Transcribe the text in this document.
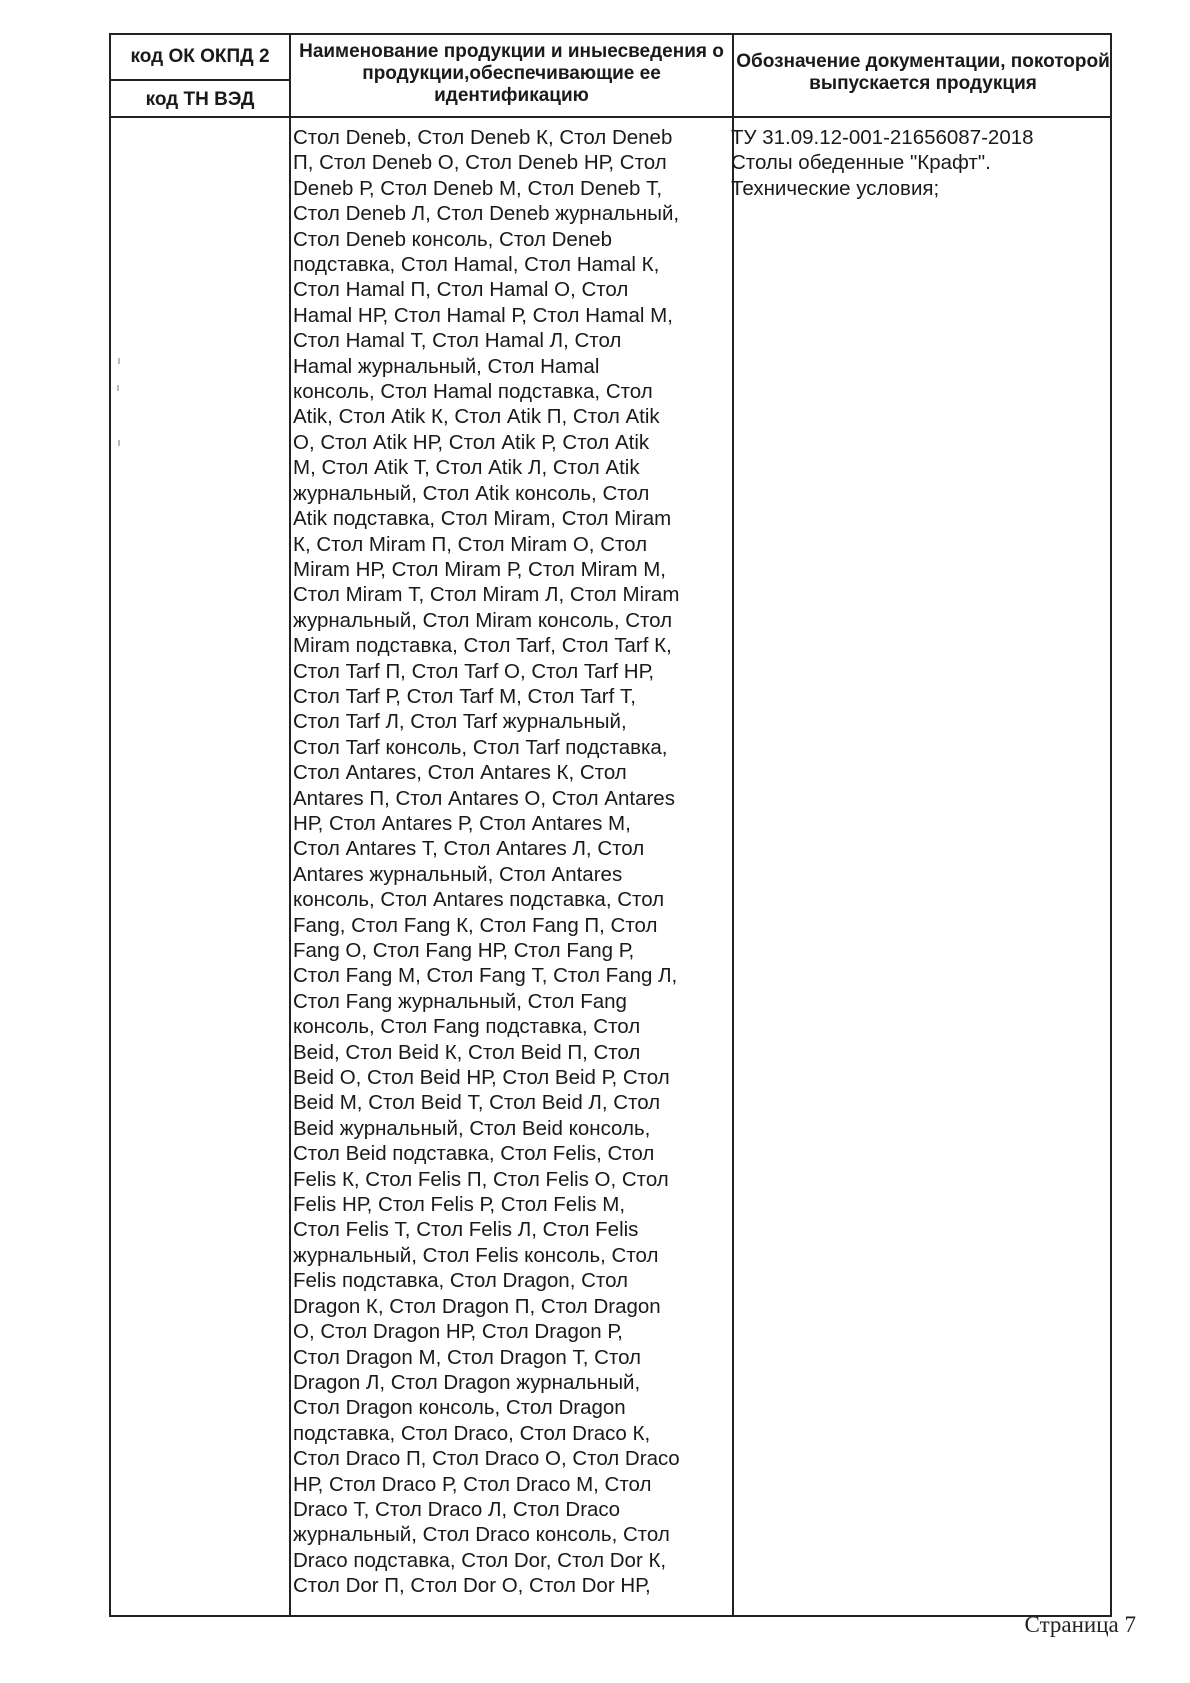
код ОК ОКПД 2
код ТН ВЭД
Наименование продукции и иныесведения о продукции,обеспечивающие ее идентификацию
Обозначение документации, покоторой выпускается продукция
Стол Deneb, Стол Deneb К, Стол Deneb
П, Стол Deneb О, Стол Deneb НР, Стол
Deneb Р, Стол Deneb М, Стол Deneb Т,
Стол Deneb Л, Стол Deneb журнальный,
Стол Deneb консоль, Стол Deneb
подставка, Стол Hamal, Стол Hamal К,
Стол Hamal П, Стол Hamal О, Стол
Hamal НР, Стол Hamal Р, Стол Hamal М,
Стол Hamal Т, Стол Hamal Л, Стол
Hamal журнальный, Стол Hamal
консоль, Стол Hamal подставка, Стол
Atik, Стол Atik К, Стол Atik П, Стол Atik
О, Стол Atik НР, Стол Atik Р, Стол Atik
М, Стол Atik Т, Стол Atik Л, Стол Atik
журнальный, Стол Atik консоль, Стол
Atik подставка, Стол Miram, Стол Miram
К, Стол Miram П, Стол Miram О, Стол
Miram НР, Стол Miram Р, Стол Miram М,
Стол Miram Т, Стол Miram Л, Стол Miram
журнальный, Стол Miram консоль, Стол
Miram подставка, Стол Tarf, Стол Tarf К,
Стол Tarf П, Стол Tarf О, Стол Tarf НР,
Стол Tarf Р, Стол Tarf М, Стол Tarf Т,
Стол Tarf Л, Стол Tarf журнальный,
Стол Tarf консоль, Стол Tarf подставка,
Стол Antares, Стол Antares К, Стол
Antares П, Стол Antares О, Стол Antares
НР, Стол Antares Р, Стол Antares М,
Стол Antares Т, Стол Antares Л, Стол
Antares журнальный, Стол Antares
консоль, Стол Antares подставка, Стол
Fang, Стол Fang К, Стол Fang П, Стол
Fang О, Стол Fang НР, Стол Fang Р,
Стол Fang М, Стол Fang Т, Стол Fang Л,
Стол Fang журнальный, Стол Fang
консоль, Стол Fang подставка, Стол
Beid, Стол Beid К, Стол Beid П, Стол
Beid О, Стол Beid НР, Стол Beid Р, Стол
Beid М, Стол Beid Т, Стол Beid Л, Стол
Beid журнальный, Стол Beid консоль,
Стол Beid подставка, Стол Felis, Стол
Felis К, Стол Felis П, Стол Felis О, Стол
Felis НР, Стол Felis Р, Стол Felis М,
Стол Felis Т, Стол Felis Л, Стол Felis
журнальный, Стол Felis консоль, Стол
Felis подставка, Стол Dragon, Стол
Dragon К, Стол Dragon П, Стол Dragon
О, Стол Dragon НР, Стол Dragon Р,
Стол Dragon М, Стол Dragon Т, Стол
Dragon Л, Стол Dragon журнальный,
Стол Dragon консоль, Стол Dragon
подставка, Стол Draco, Стол Draco К,
Стол Draco П, Стол Draco О, Стол Draco
НР, Стол Draco Р, Стол Draco М, Стол
Draco Т, Стол Draco Л, Стол Draco
журнальный, Стол Draco консоль, Стол
Draco подставка, Стол Dor, Стол Dor К,
Стол Dor П, Стол Dor О, Стол Dor НР,
ТУ 31.09.12-001-21656087-2018
Столы обеденные "Крафт".
Технические условия;
Страница 7
